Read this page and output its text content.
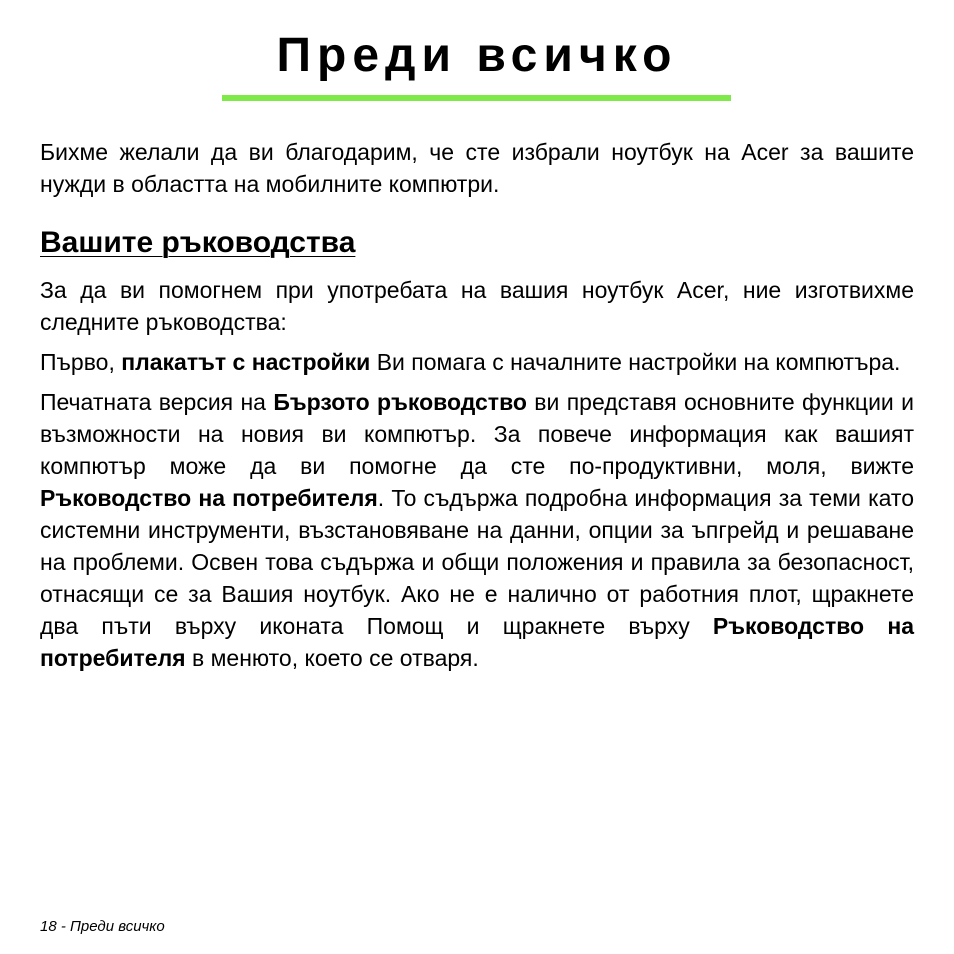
Преди всичко

Бихме желали да ви благодарим, че сте избрали ноутбук на Acer за вашите нужди в областта на мобилните компютри.

Вашите ръководства

За да ви помогнем при употребата на вашия ноутбук Acer, ние изготвихме следните ръководства:

Първо, плакатът с настройки Ви помага с началните настройки на компютъра.

Печатната версия на Бързото ръководство ви представя основните функции и възможности на новия ви компютър. За повече информация как вашият компютър може да ви помогне да сте по-продуктивни, моля, вижте Ръководство на потребителя. То съдържа подробна информация за теми като системни инструменти, възстановяване на данни, опции за ъпгрейд и решаване на проблеми. Освен това съдържа и общи положения и правила за безопасност, отнасящи се за Вашия ноутбук. Ако не е налично от работния плот, щракнете два пъти върху иконата Помощ и щракнете върху Ръководство на потребителя в менюто, което се отваря.

18 - Преди всичко
